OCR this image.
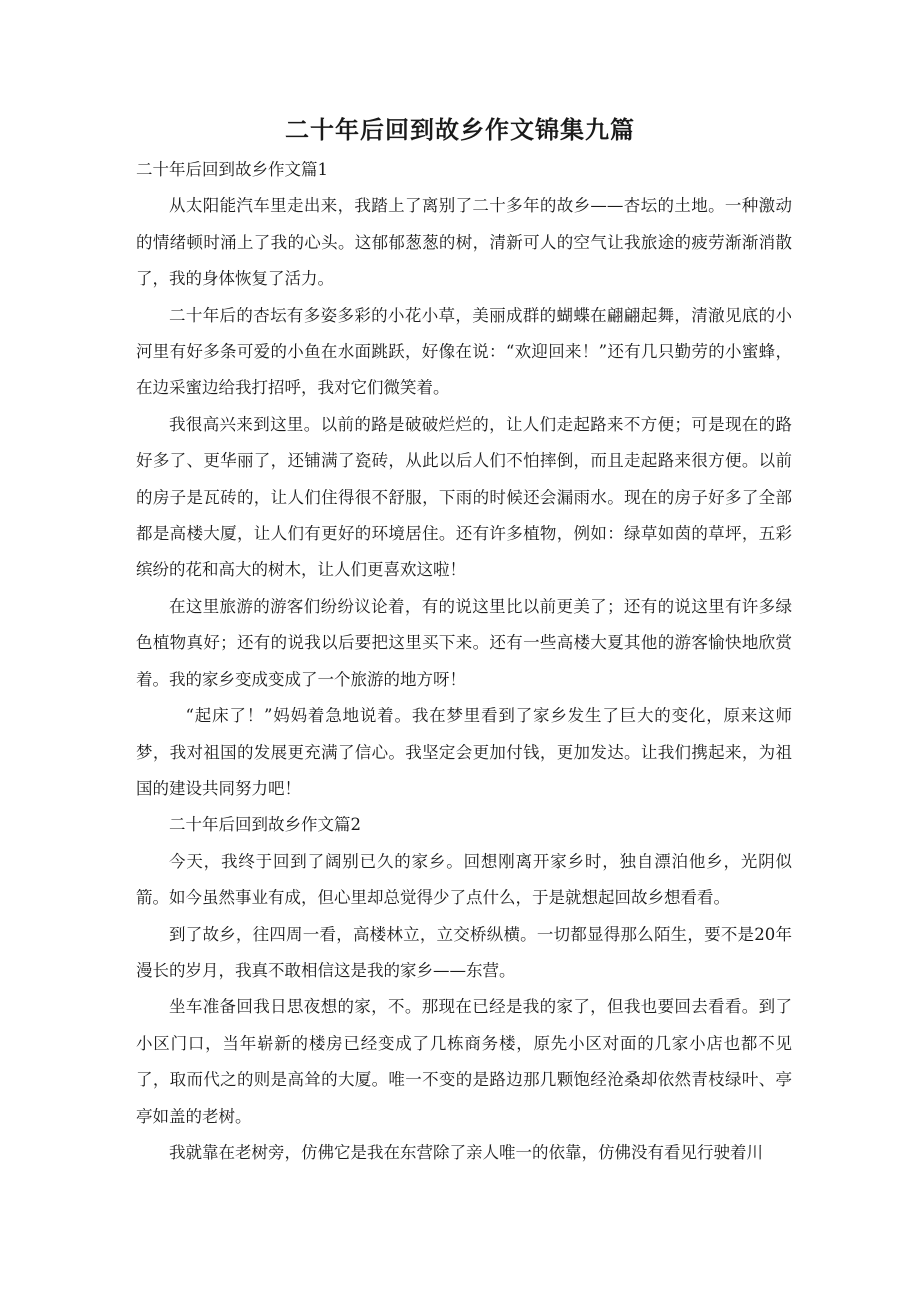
二十年后回到故乡作文锦集九篇

二十年后回到故乡作文篇1

从太阳能汽车里走出来，我踏上了离别了二十多年的故乡——杏坛的土地。一种激动的情绪顿时涌上了我的心头。这郁郁葱葱的树，清新可人的空气让我旅途的疲劳渐渐消散了，我的身体恢复了活力。

二十年后的杏坛有多姿多彩的小花小草，美丽成群的蝴蝶在翩翩起舞，清澈见底的小河里有好多条可爱的小鱼在水面跳跃，好像在说：“欢迎回来！”还有几只勤劳的小蜜蜂，在边采蜜边给我打招呼，我对它们微笑着。

我很高兴来到这里。以前的路是破破烂烂的，让人们走起路来不方便；可是现在的路好多了、更华丽了，还铺满了瓷砖，从此以后人们不怕摔倒，而且走起路来很方便。以前的房子是瓦砖的，让人们住得很不舒服，下雨的时候还会漏雨水。现在的房子好多了全部都是高楼大厦，让人们有更好的环境居住。还有许多植物，例如：绿草如茵的草坪，五彩缤纷的花和高大的树木，让人们更喜欢这啦！

在这里旅游的游客们纷纷议论着，有的说这里比以前更美了；还有的说这里有许多绿色植物真好；还有的说我以后要把这里买下来。还有一些高楼大夏其他的游客愉快地欣赏着。我的家乡变成变成了一个旅游的地方呀！

“起床了！”妈妈着急地说着。我在梦里看到了家乡发生了巨大的变化，原来这师梦，我对祖国的发展更充满了信心。我坚定会更加付钱，更加发达。让我们携起来，为祖国的建设共同努力吧！

二十年后回到故乡作文篇2

今天，我终于回到了阔别已久的家乡。回想刚离开家乡时，独自漂泊他乡，光阴似箭。如今虽然事业有成，但心里却总觉得少了点什么，于是就想起回故乡想看看。

到了故乡，往四周一看，高楼林立，立交桥纵横。一切都显得那么陌生，要不是20年漫长的岁月，我真不敢相信这是我的家乡——东营。

坐车准备回我日思夜想的家，不。那现在已经是我的家了，但我也要回去看看。到了小区门口，当年崭新的楼房已经变成了几栋商务楼，原先小区对面的几家小店也都不见了，取而代之的则是高耸的大厦。唯一不变的是路边那几颗饱经沧桑却依然青枝绿叶、亭亭如盖的老树。

我就靠在老树旁，仿佛它是我在东营除了亲人唯一的依靠，仿佛没有看见行驶着川
